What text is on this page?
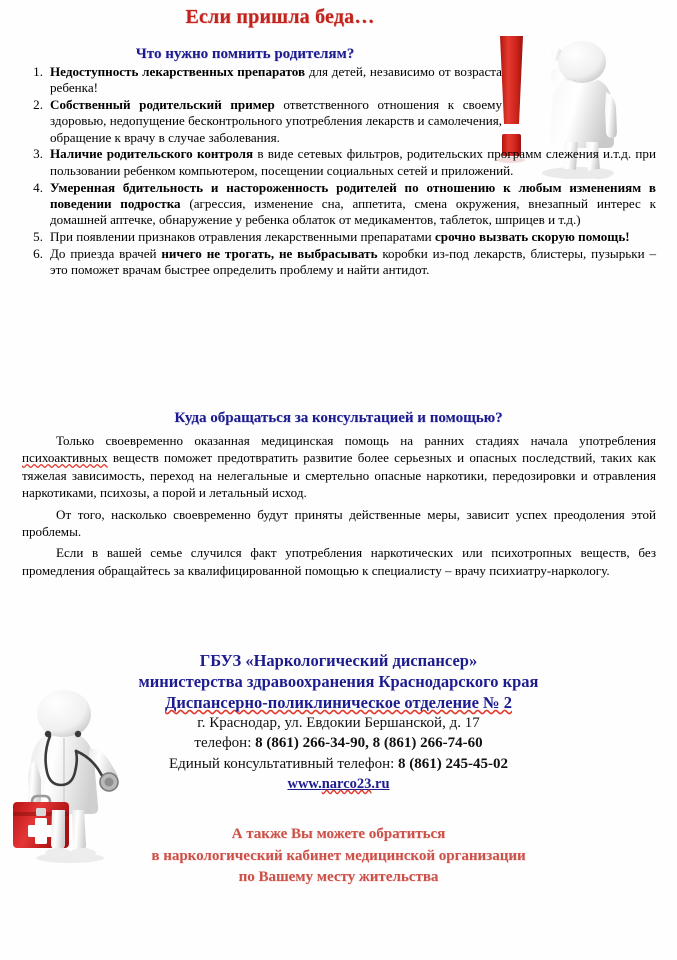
Если пришла беда…
Что нужно помнить родителям?
1. Недоступность лекарственных препаратов для детей, независимо от возраста ребенка!
2. Собственный родительский пример ответственного отношения к своему здоровью, недопущение бесконтрольного употребления лекарств и самолечения, обращение к врачу в случае заболевания.
3. Наличие родительского контроля в виде сетевых фильтров, родительских программ слежения и.т.д. при пользовании ребенком компьютером, посещении социальных сетей и приложений.
4. Умеренная бдительность и настороженность родителей по отношению к любым изменениям в поведении подростка (агрессия, изменение сна, аппетита, смена окружения, внезапный интерес к домашней аптечке, обнаружение у ребенка облаток от медикаментов, таблеток, шприцев и т.д.)
5. При появлении признаков отравления лекарственными препаратами срочно вызвать скорую помощь!
6. До приезда врачей ничего не трогать, не выбрасывать коробки из-под лекарств, блистеры, пузырьки – это поможет врачам быстрее определить проблему и найти антидот.
Куда обращаться за консультацией и помощью?

Только своевременно оказанная медицинская помощь на ранних стадиях начала употребления психоактивных веществ поможет предотвратить развитие более серьезных и опасных последствий, таких как тяжелая зависимость, переход на нелегальные и смертельно опасные наркотики, передозировки и отравления наркотиками, психозы, а порой и летальный исход.

От того, насколько своевременно будут приняты действенные меры, зависит успех преодоления этой проблемы.

Если в вашей семье случился факт употребления наркотических или психотропных веществ, без промедления обращайтесь за квалифицированной помощью к специалисту – врачу психиатру-наркологу.

ГБУЗ «Наркологический диспансер»
министерства здравоохранения Краснодарского края
Диспансерно-поликлиническое отделение № 2
г. Краснодар, ул. Евдокии Бершанской, д. 17
телефон: 8 (861) 266-34-90, 8 (861) 266-74-60
Единый консультативный телефон: 8 (861) 245-45-02
www.narco23.ru
А также Вы можете обратиться
в наркологический кабинет медицинской организации
по Вашему месту жительства
